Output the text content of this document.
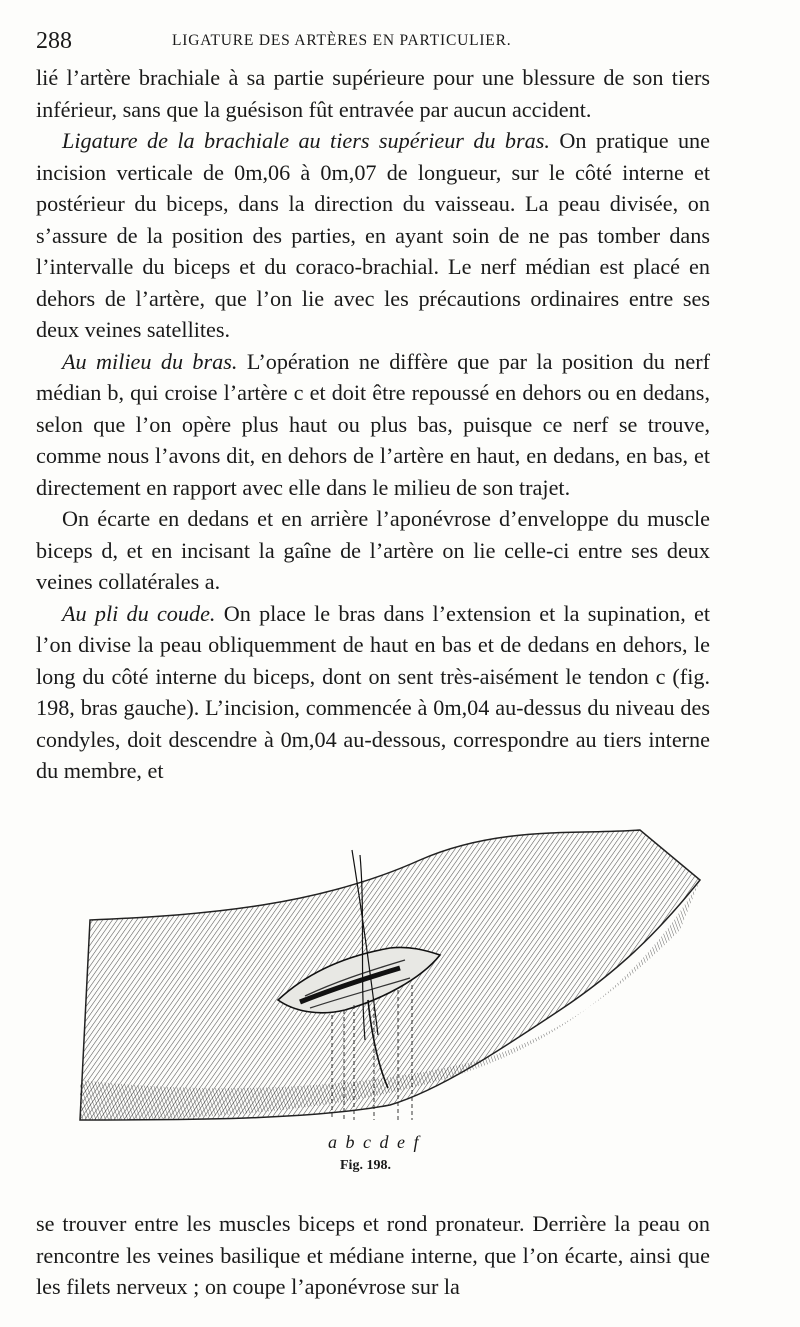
288	LIGATURE DES ARTÈRES EN PARTICULIER.

lié l’artère brachiale à sa partie supérieure pour une blessure de son tiers inférieur, sans que la guésison fût entravée par aucun accident.

Ligature de la brachiale au tiers supérieur du bras. On pratique une incision verticale de 0m,06 à 0m,07 de longueur, sur le côté interne et postérieur du biceps, dans la direction du vaisseau. La peau divisée, on s’assure de la position des parties, en ayant soin de ne pas tomber dans l’intervalle du biceps et du coraco-brachial. Le nerf médian est placé en dehors de l’artère, que l’on lie avec les précautions ordinaires entre ses deux veines satellites.

Au milieu du bras. L’opération ne diffère que par la position du nerf médian b, qui croise l’artère c et doit être repoussé en dehors ou en dedans, selon que l’on opère plus haut ou plus bas, puisque ce nerf se trouve, comme nous l’avons dit, en dehors de l’artère en haut, en dedans, en bas, et directement en rapport avec elle dans le milieu de son trajet.

On écarte en dedans et en arrière l’aponévrose d’enveloppe du muscle biceps d, et en incisant la gaîne de l’artère on lie celle-ci entre ses deux veines collatérales a.

Au pli du coude. On place le bras dans l’extension et la supination, et l’on divise la peau obliquemment de haut en bas et de dedans en dehors, le long du côté interne du biceps, dont on sent très-aisément le tendon c (fig. 198, bras gauche). L’incision, commencée à 0m,04 au-dessus du niveau des condyles, doit descendre à 0m,04 au-dessous, correspondre au tiers interne du membre, et

a b c d e f
Fig. 198.

se trouver entre les muscles biceps et rond pronateur. Derrière la peau on rencontre les veines basilique et médiane interne, que l’on écarte, ainsi que les filets nerveux ; on coupe l’aponévrose sur la
